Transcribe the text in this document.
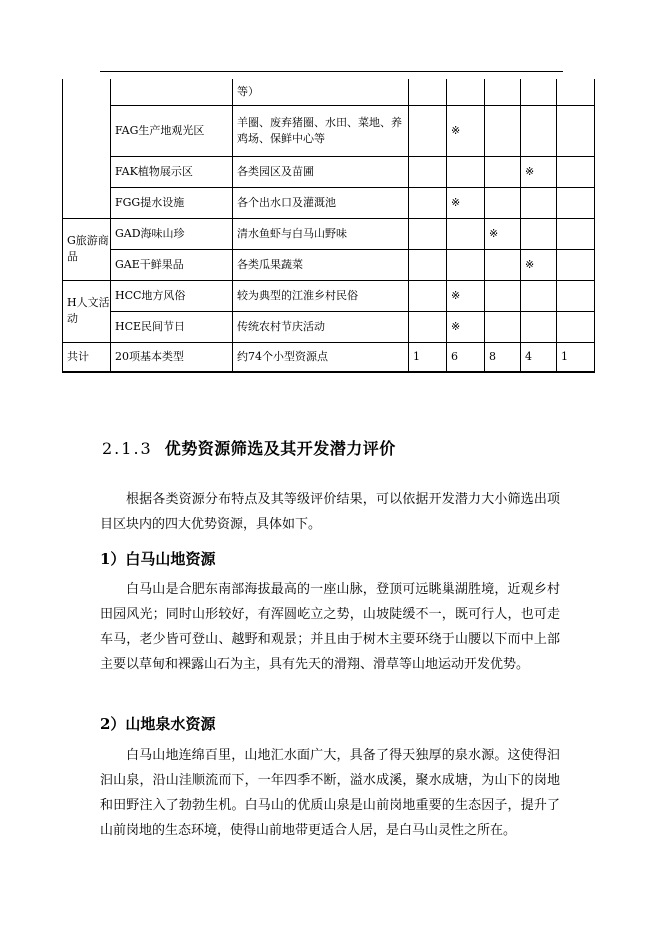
		等）					
	FAG生产地观光区	羊圈、废弃猪圈、水田、菜地、养鸡场、保鲜中心等		※			
	FAK植物展示区	各类园区及苗圃				※	
	FGG提水设施	各个出水口及灌溉池		※			
G旅游商品	GAD海味山珍	清水鱼虾与白马山野味			※		
	GAE干鲜果品	各类瓜果蔬菜				※	
H人文活动	HCC地方风俗	较为典型的江淮乡村民俗		※			
	HCE民间节日	传统农村节庆活动		※			
共计	20项基本类型	约74个小型资源点	1	6	8	4	1
2.1.3 优势资源筛选及其开发潜力评价
根据各类资源分布特点及其等级评价结果，可以依据开发潜力大小筛选出项目区块内的四大优势资源，具体如下。
1）白马山地资源
白马山是合肥东南部海拔最高的一座山脉，登顶可远眺巢湖胜境，近观乡村田园风光；同时山形较好，有浑圆屹立之势，山坡陡缓不一，既可行人，也可走车马，老少皆可登山、越野和观景；并且由于树木主要环绕于山腰以下而中上部主要以草甸和裸露山石为主，具有先天的滑翔、滑草等山地运动开发优势。
2）山地泉水资源
白马山地连绵百里，山地汇水面广大，具备了得天独厚的泉水源。这使得汩汩山泉，沿山洼顺流而下，一年四季不断，溢水成溪，聚水成塘，为山下的岗地和田野注入了勃勃生机。白马山的优质山泉是山前岗地重要的生态因子，提升了山前岗地的生态环境，使得山前地带更适合人居，是白马山灵性之所在。
